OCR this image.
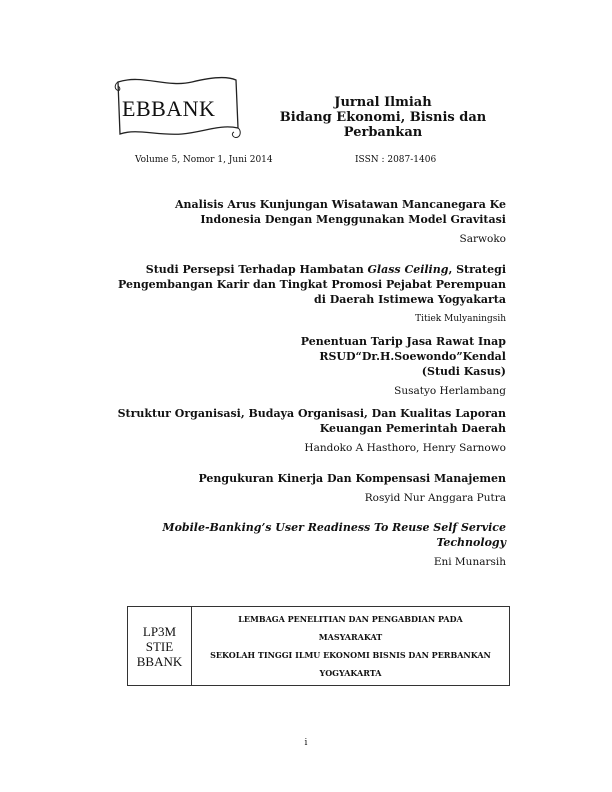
EBBANK	Jurnal Ilmiah
Bidang Ekonomi, Bisnis dan
Perbankan
Volume 5, Nomor 1, Juni 2014	ISSN : 2087-1406
Analisis Arus Kunjungan Wisatawan Mancanegara Ke
Indonesia Dengan Menggunakan Model Gravitasi
Sarwoko
Studi Persepsi Terhadap Hambatan Glass Ceiling, Strategi
Pengembangan Karir dan Tingkat Promosi Pejabat Perempuan
di Daerah Istimewa Yogyakarta
Titiek Mulyaningsih
Penentuan Tarip Jasa Rawat Inap
RSUD“Dr.H.Soewondo”Kendal
(Studi Kasus)
Susatyo Herlambang
Struktur Organisasi, Budaya Organisasi, Dan Kualitas Laporan
Keuangan Pemerintah Daerah
Handoko A Hasthoro, Henry Sarnowo
Pengukuran Kinerja Dan Kompensasi Manajemen
Rosyid Nur Anggara Putra
Mobile-Banking’s User Readiness To Reuse Self Service
Technology
Eni Munarsih
LP3M
STIE
BBANK
LEMBAGA PENELITIAN DAN PENGABDIAN PADA
MASYARAKAT
SEKOLAH TINGGI ILMU EKONOMI BISNIS DAN PERBANKAN
YOGYAKARTA
i
